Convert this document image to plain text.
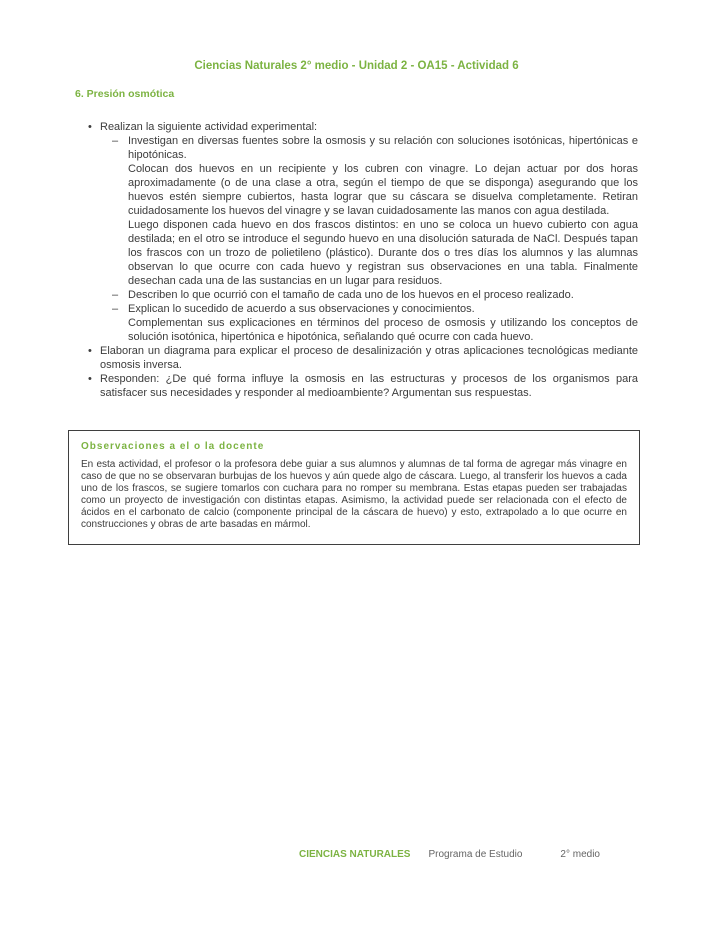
Ciencias Naturales 2° medio - Unidad 2 - OA15 - Actividad 6
6. Presión osmótica
• Realizan la siguiente actividad experimental:
– Investigan en diversas fuentes sobre la osmosis y su relación con soluciones isotónicas, hipertónicas e hipotónicas.
Colocan dos huevos en un recipiente y los cubren con vinagre. Lo dejan actuar por dos horas aproximadamente (o de una clase a otra, según el tiempo de que se disponga) asegurando que los huevos estén siempre cubiertos, hasta lograr que su cáscara se disuelva completamente. Retiran cuidadosamente los huevos del vinagre y se lavan cuidadosamente las manos con agua destilada.
Luego disponen cada huevo en dos frascos distintos: en uno se coloca un huevo cubierto con agua destilada; en el otro se introduce el segundo huevo en una disolución saturada de NaCl. Después tapan los frascos con un trozo de polietileno (plástico). Durante dos o tres días los alumnos y las alumnas observan lo que ocurre con cada huevo y registran sus observaciones en una tabla. Finalmente desechan cada una de las sustancias en un lugar para residuos.
– Describen lo que ocurrió con el tamaño de cada uno de los huevos en el proceso realizado.
– Explican lo sucedido de acuerdo a sus observaciones y conocimientos.
Complementan sus explicaciones en términos del proceso de osmosis y utilizando los conceptos de solución isotónica, hipertónica e hipotónica, señalando qué ocurre con cada huevo.
• Elaboran un diagrama para explicar el proceso de desalinización y otras aplicaciones tecnológicas mediante osmosis inversa.
• Responden: ¿De qué forma influye la osmosis en las estructuras y procesos de los organismos para satisfacer sus necesidades y responder al medioambiente? Argumentan sus respuestas.
Observaciones a el o la docente

En esta actividad, el profesor o la profesora debe guiar a sus alumnos y alumnas de tal forma de agregar más vinagre en caso de que no se observaran burbujas de los huevos y aún quede algo de cáscara. Luego, al transferir los huevos a cada uno de los frascos, se sugiere tomarlos con cuchara para no romper su membrana. Estas etapas pueden ser trabajadas como un proyecto de investigación con distintas etapas. Asimismo, la actividad puede ser relacionada con el efecto de ácidos en el carbonato de calcio (componente principal de la cáscara de huevo) y esto, extrapolado a lo que ocurre en construcciones y obras de arte basadas en mármol.

CIENCIAS NATURALES Programa de Estudio	2° medio
